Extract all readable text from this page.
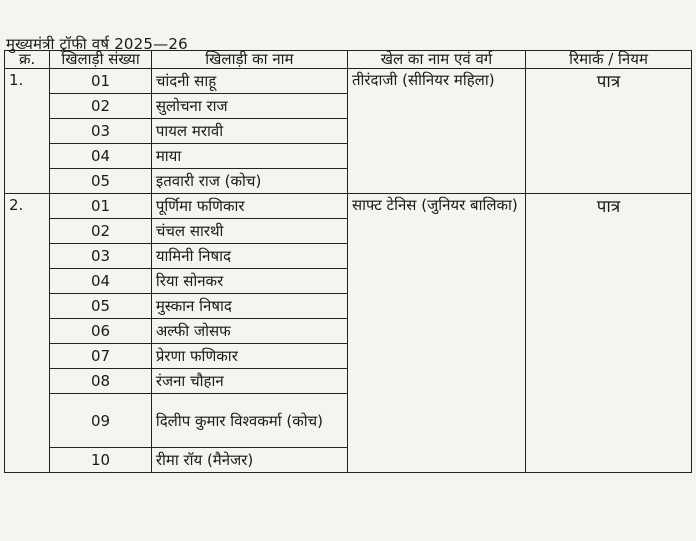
मुख्यमंत्री ट्रॉफी वर्ष 2025—26
क्र.	खिलाड़ी संख्या	खिलाड़ी का नाम	खेल का नाम एवं वर्ग	रिमार्क / नियम
1.	01	चांदनी साहू	तीरंदाजी (सीनियर महिला)	पात्र

	02	सुलोचना राज		
	03	पायल मरावी		
	04	माया		
	05	इतवारी राज (कोच)		
2.	01	पूर्णिमा फणिकार	साफ्ट टेनिस (जुनियर बालिका)	पात्र

	02	चंचल सारथी		
	03	यामिनी निषाद		
	04	रिया सोनकर		
	05	मुस्कान निषाद		
	06	अल्फी जोसफ		
	07	प्रेरणा फणिकार		
	08	रंजना चौहान		
	09	दिलीप कुमार विश्वकर्मा (कोच)		
	10	रीमा रॉय (मैनेजर)		
